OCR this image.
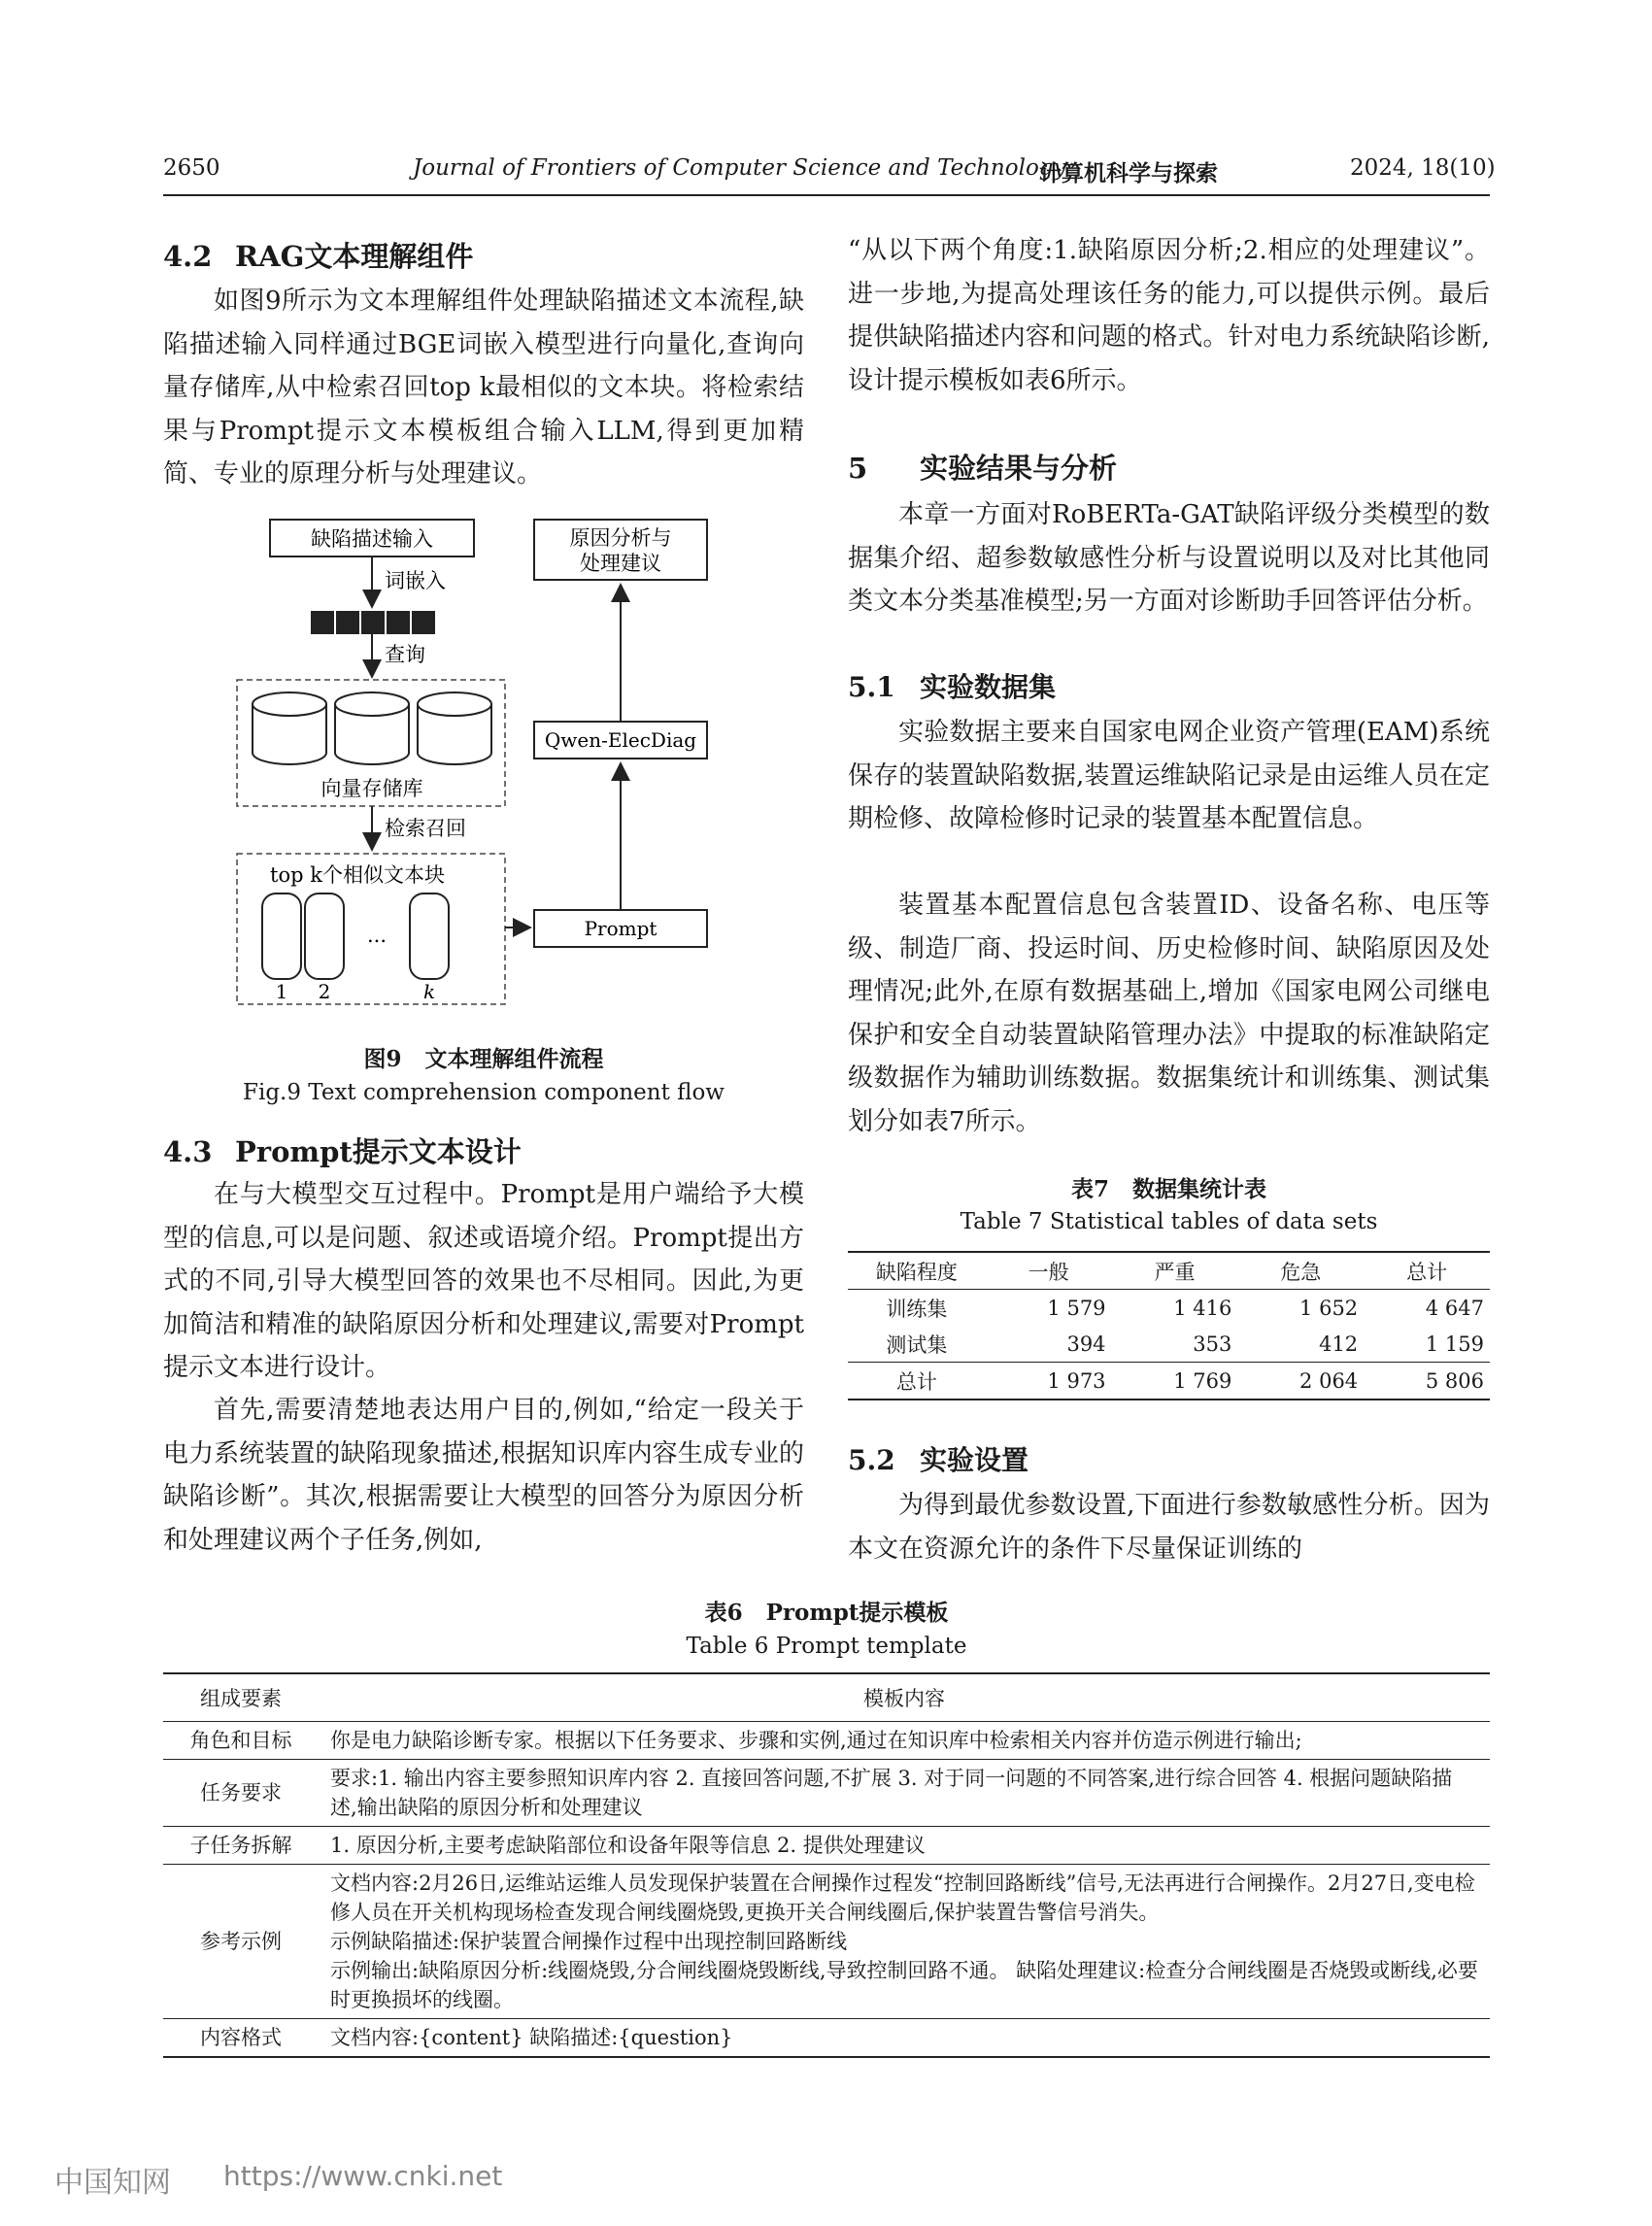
2650	Journal of Frontiers of Computer Science and Technology
计算机科学与探索	2024, 18(10)
4.2 RAG文本理解组件

如图9所示为文本理解组件处理缺陷描述文本流程,缺陷描述输入同样通过BGE词嵌入模型进行向量化,查询向量存储库,从中检索召回top k最相似的文本块。将检索结果与Prompt提示文本模板组合输入LLM,得到更加精简、专业的原理分析与处理建议。

缺陷描述输入
词嵌入
查询
向量存储库
检索召回
top k个相似文本块
...
1 2	k
原因分析与
处理建议
Qwen-ElecDiag
Prompt
图9 文本理解组件流程
Fig.9 Text comprehension component flow
4.3 Prompt提示文本设计

在与大模型交互过程中。Prompt是用户端给予大模型的信息,可以是问题、叙述或语境介绍。Prompt提出方式的不同,引导大模型回答的效果也不尽相同。因此,为更加简洁和精准的缺陷原因分析和处理建议,需要对Prompt提示文本进行设计。

首先,需要清楚地表达用户目的,例如,“给定一段关于电力系统装置的缺陷现象描述,根据知识库内容生成专业的缺陷诊断”。其次,根据需要让大模型的回答分为原因分析和处理建议两个子任务,例如,

“从以下两个角度:1.缺陷原因分析;2.相应的处理建议”。进一步地,为提高处理该任务的能力,可以提供示例。最后提供缺陷描述内容和问题的格式。针对电力系统缺陷诊断,设计提示模板如表6所示。

5 实验结果与分析

本章一方面对RoBERTa-GAT缺陷评级分类模型的数据集介绍、超参数敏感性分析与设置说明以及对比其他同类文本分类基准模型;另一方面对诊断助手回答评估分析。

5.1 实验数据集

实验数据主要来自国家电网企业资产管理(EAM)系统保存的装置缺陷数据,装置运维缺陷记录是由运维人员在定期检修、故障检修时记录的装置基本配置信息。

装置基本配置信息包含装置ID、设备名称、电压等级、制造厂商、投运时间、历史检修时间、缺陷原因及处理情况;此外,在原有数据基础上,增加《国家电网公司继电保护和安全自动装置缺陷管理办法》中提取的标准缺陷定级数据作为辅助训练数据。数据集统计和训练集、测试集划分如表7所示。

表7 数据集统计表
Table 7 Statistical tables of data sets
缺陷程度	一般	严重	危急	总计
训练集	1 579	1 416	1 652	4 647
测试集	394	353	412	1 159
总计	1 973	1 769	2 064	5 806
5.2 实验设置

为得到最优参数设置,下面进行参数敏感性分析。因为本文在资源允许的条件下尽量保证训练的

表6 Prompt提示模板
Table 6 Prompt template
组成要素	模板内容
角色和目标	你是电力缺陷诊断专家。根据以下任务要求、步骤和实例,通过在知识库中检索相关内容并仿造示例进行输出;

任务要求	要求:1. 输出内容主要参照知识库内容 2. 直接回答问题,不扩展 3. 对于同一问题的不同答案,进行综合回答 4. 根据问题缺陷描述,输出缺陷的原因分析和处理建议

子任务拆解	1. 原因分析,主要考虑缺陷部位和设备年限等信息 2. 提供处理建议

参考示例	文档内容:2月26日,运维站运维人员发现保护装置在合闸操作过程发“控制回路断线”信号,无法再进行合闸操作。2月27日,变电检修人员在开关机构现场检查发现合闸线圈烧毁,更换开关合闸线圈后,保护装置告警信号消失。
示例缺陷描述:保护装置合闸操作过程中出现控制回路断线
示例输出:缺陷原因分析:线圈烧毁,分合闸线圈烧毁断线,导致控制回路不通。 缺陷处理建议:检查分合闸线圈是否烧毁或断线,必要时更换损坏的线圈。

内容格式	文档内容:{content} 缺陷描述:{question}
中国知网 https://www.cnki.net
